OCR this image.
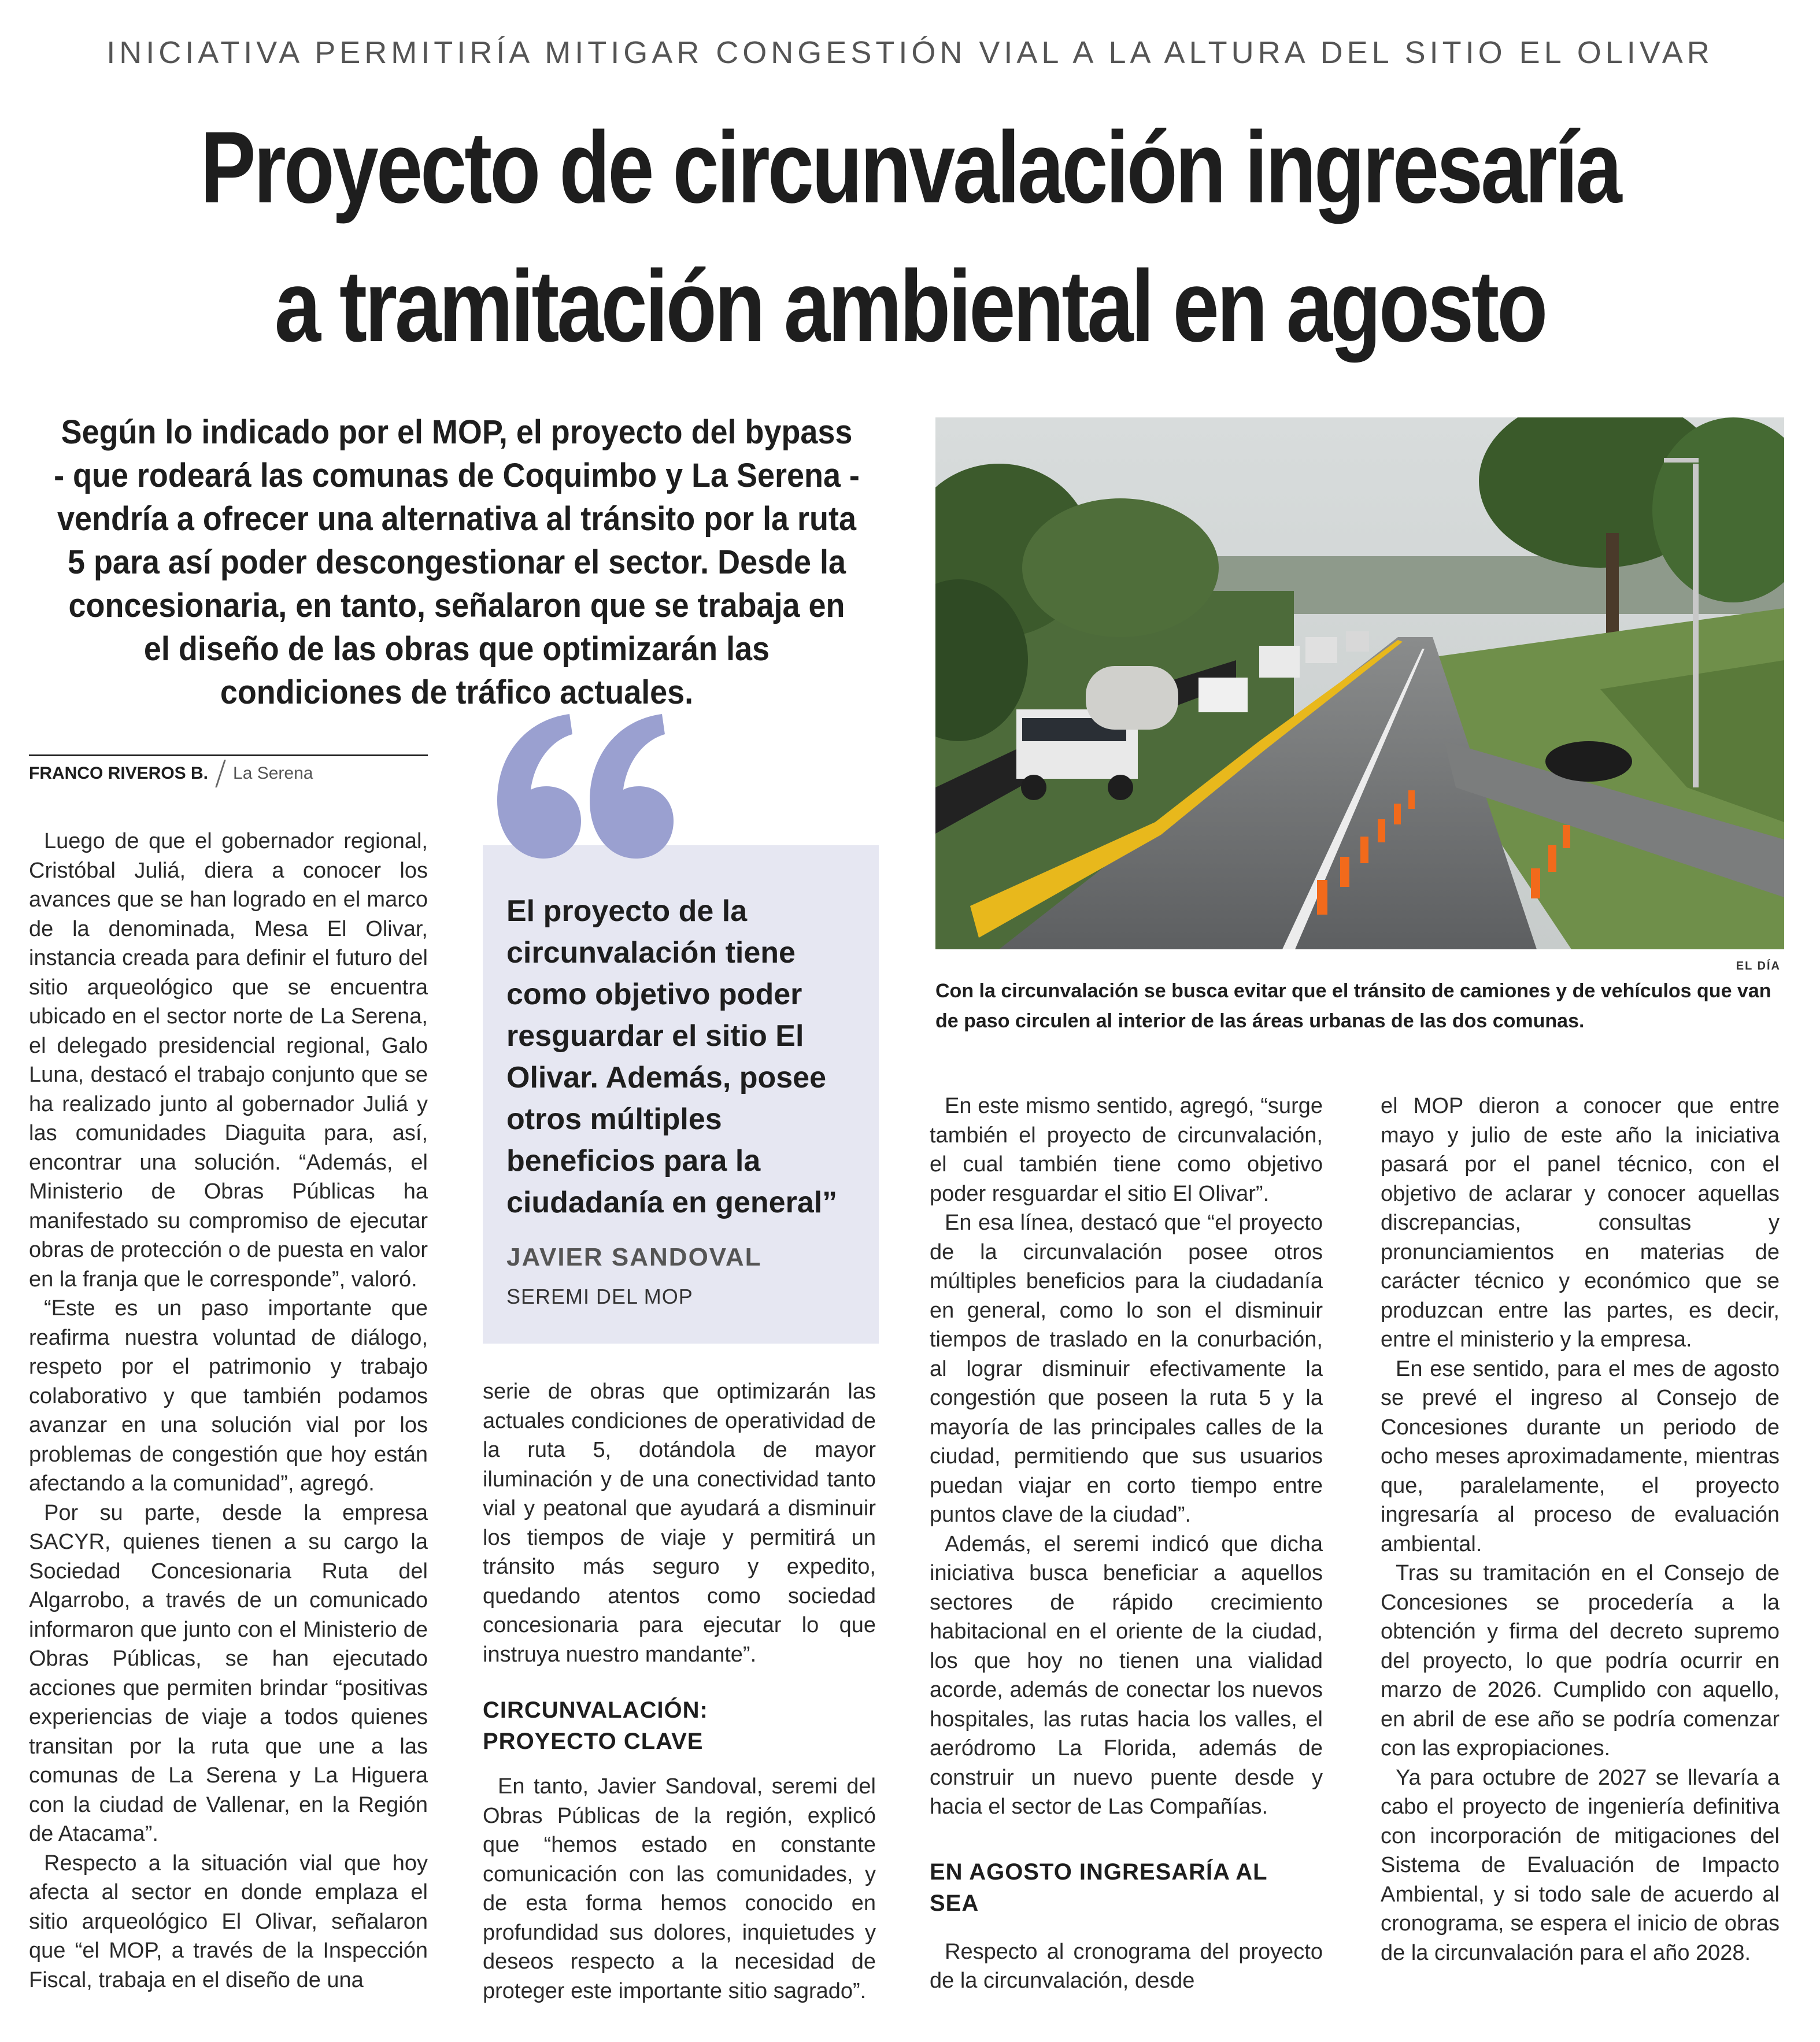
INICIATIVA PERMITIRÍA MITIGAR CONGESTIÓN VIAL A LA ALTURA DEL SITIO EL OLIVAR
Proyecto de circunvalación ingresaría
a tramitación ambiental en agosto
Según lo indicado por el MOP, el proyecto del bypass - que rodeará las comunas de Coquimbo y La Serena - vendría a ofrecer una alternativa al tránsito por la ruta 5 para así poder descongestionar el sector. Desde la concesionaria, en tanto, señalaron que se trabaja en el diseño de las obras que optimizarán las condiciones de tráfico actuales.
EL DÍA
Con la circunvalación se busca evitar que el tránsito de camiones y de vehículos que van de paso circulen al interior de las áreas urbanas de las dos comunas.
FRANCO RIVEROS B. La Serena

Luego de que el gobernador regional, Cristóbal Juliá, diera a conocer los avances que se han logrado en el marco de la denominada, Mesa El Olivar, instancia creada para definir el futuro del sitio arqueológico que se encuentra ubicado en el sector norte de La Serena, el delegado presidencial regional, Galo Luna, destacó el trabajo conjunto que se ha realizado junto al gobernador Juliá y las comunidades Diaguita para, así, encontrar una solución. “Además, el Ministerio de Obras Públicas ha manifestado su compromiso de ejecutar obras de protección o de puesta en valor en la franja que le corresponde”, valoró.

“Este es un paso importante que reafirma nuestra voluntad de diálogo, respeto por el patrimonio y trabajo colaborativo y que también podamos avanzar en una solución vial por los problemas de congestión que hoy están afectando a la comunidad”, agregó.

Por su parte, desde la empresa SACYR, quienes tienen a su cargo la Sociedad Concesionaria Ruta del Algarrobo, a través de un comunicado informaron que junto con el Ministerio de Obras Públicas, se han ejecutado acciones que permiten brindar “positivas experiencias de viaje a todos quienes transitan por la ruta que une a las comunas de La Serena y La Higuera con la ciudad de Vallenar, en la Región de Atacama”.

Respecto a la situación vial que hoy afecta al sector en donde emplaza el sitio arqueológico El Olivar, señalaron que “el MOP, a través de la Inspección Fiscal, trabaja en el diseño de una

El proyecto de la circunvalación tiene como objetivo poder resguardar el sitio El Olivar. Además, posee otros múltiples beneficios para la ciudadanía en general”
JAVIER SANDOVAL
SEREMI DEL MOP

serie de obras que optimizarán las actuales condiciones de operatividad de la ruta 5, dotándola de mayor iluminación y de una conectividad tanto vial y peatonal que ayudará a disminuir los tiempos de viaje y permitirá un tránsito más seguro y expedito, quedando atentos como sociedad concesionaria para ejecutar lo que instruya nuestro mandante”.

CIRCUNVALACIÓN:
PROYECTO CLAVE

En tanto, Javier Sandoval, seremi del Obras Públicas de la región, explicó que “hemos estado en constante comunicación con las comunidades, y de esta forma hemos conocido en profundidad sus dolores, inquietudes y deseos respecto a la necesidad de proteger este importante sitio sagrado”.

En este mismo sentido, agregó, “surge también el proyecto de circunvalación, el cual también tiene como objetivo poder resguardar el sitio El Olivar”.

En esa línea, destacó que “el proyecto de la circunvalación posee otros múltiples beneficios para la ciudadanía en general, como lo son el disminuir tiempos de traslado en la conurbación, al lograr disminuir efectivamente la congestión que poseen la ruta 5 y la mayoría de las principales calles de la ciudad, permitiendo que sus usuarios puedan viajar en corto tiempo entre puntos clave de la ciudad”.

Además, el seremi indicó que dicha iniciativa busca beneficiar a aquellos sectores de rápido crecimiento habitacional en el oriente de la ciudad, los que hoy no tienen una vialidad acorde, además de conectar los nuevos hospitales, las rutas hacia los valles, el aeródromo La Florida, además de construir un nuevo puente desde y hacia el sector de Las Compañías.

EN AGOSTO INGRESARÍA AL SEA

Respecto al cronograma del proyecto de la circunvalación, desde

el MOP dieron a conocer que entre mayo y julio de este año la iniciativa pasará por el panel técnico, con el objetivo de aclarar y conocer aquellas discrepancias, consultas y pronunciamientos en materias de carácter técnico y económico que se produzcan entre las partes, es decir, entre el ministerio y la empresa.

En ese sentido, para el mes de agosto se prevé el ingreso al Consejo de Concesiones durante un periodo de ocho meses aproximadamente, mientras que, paralelamente, el proyecto ingresaría al proceso de evaluación ambiental.

Tras su tramitación en el Consejo de Concesiones se procedería a la obtención y firma del decreto supremo del proyecto, lo que podría ocurrir en marzo de 2026. Cumplido con aquello, en abril de ese año se podría comenzar con las expropiaciones.

Ya para octubre de 2027 se llevaría a cabo el proyecto de ingeniería definitiva con incorporación de mitigaciones del Sistema de Evaluación de Impacto Ambiental, y si todo sale de acuerdo al cronograma, se espera el inicio de obras de la circunvalación para el año 2028.
